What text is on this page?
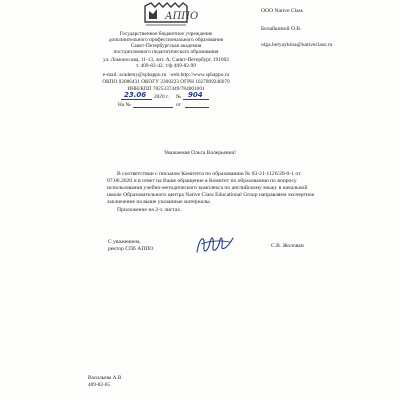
АППО
Государственное бюджетное учреждение
дополнительного профессионального образования
Санкт-Петербургская академия
постдипломного педагогического образования
ул. Ломоносова, 11-13, лит. А, Санкт-Петербург, 191002
т. 409-82-42, т/ф 409-82-99
e-mail: academy@spbappo.ru web:http://www.spbappo.ru
ОКПО 02086431 ОКОГУ 2300223 ОГРН 1027809246079
ИНН/КПП 7825337449/784001001
23.06 2020 г. № 904
На №	от
ООО Native Class
Белайкиной О.В.
olga.belyaykina@nativeclass.ru
Уважаемая Ольга Валерьевна!
В соответствии с письмом Комитета по образованию № 03-21-1126/20-0-1 от
07.06.2020 и в ответ на Ваше обращение в Комитет по образованию по вопросу
использования учебно-методического комплекса по английскому языку в начальной
школе Образовательного центра Native Class Educational Group направляем экспертное
заключение на выше указанные материалы.
Приложение на 2-х листах.
С уважением,
ректор СПб АППО	С.В. Жолован
Васильева А.В.
409-82-65
